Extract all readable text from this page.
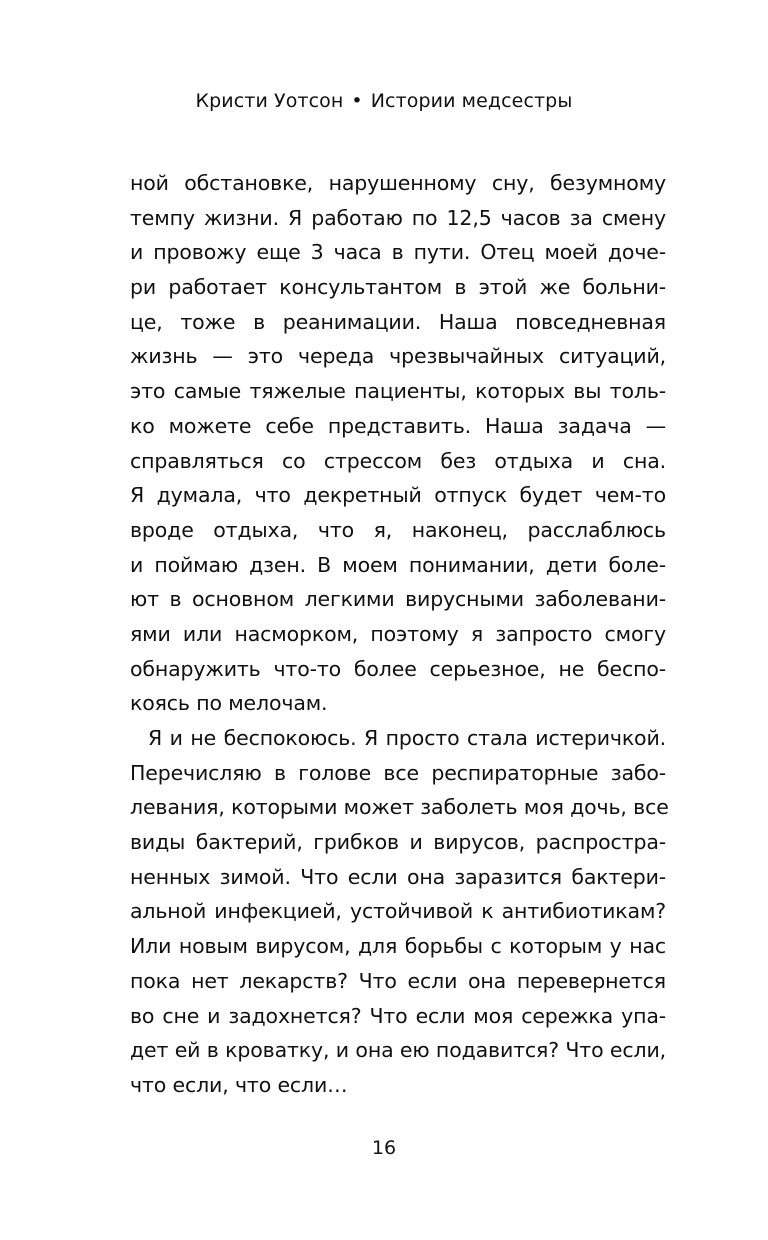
Кристи Уотсон • Истории медсестры
ной обстановке, нарушенному сну, безумному
темпу жизни. Я работаю по 12,5 часов за смену
и провожу еще 3 часа в пути. Отец моей доче-
ри работает консультантом в этой же больни-
це, тоже в реанимации. Наша повседневная
жизнь — это череда чрезвычайных ситуаций,
это самые тяжелые пациенты, которых вы толь-
ко можете себе представить. Наша задача —
справляться со стрессом без отдыха и сна.
Я думала, что декретный отпуск будет чем-то
вроде отдыха, что я, наконец, расслаблюсь
и поймаю дзен. В моем понимании, дети боле-
ют в основном легкими вирусными заболевани-
ями или насморком, поэтому я запросто смогу
обнаружить что-то более серьезное, не беспо-
коясь по мелочам.
Я и не беспокоюсь. Я просто стала истеричкой.
Перечисляю в голове все респираторные забо-
левания, которыми может заболеть моя дочь, все
виды бактерий, грибков и вирусов, распростра-
ненных зимой. Что если она заразится бактери-
альной инфекцией, устойчивой к антибиотикам?
Или новым вирусом, для борьбы с которым у нас
пока нет лекарств? Что если она перевернется
во сне и задохнется? Что если моя сережка упа-
дет ей в кроватку, и она ею подавится? Что если,
что если, что если…
16
